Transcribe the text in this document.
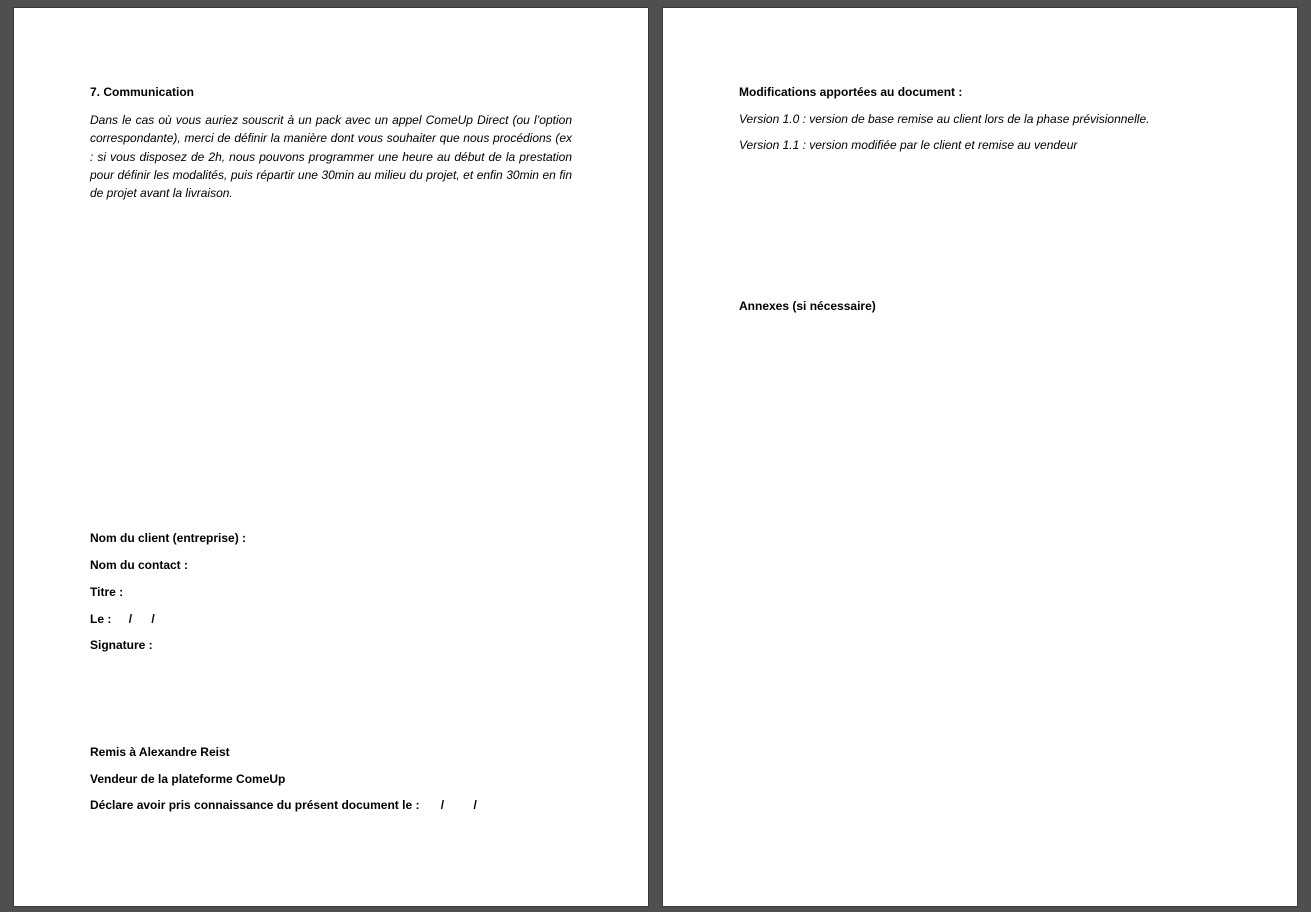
7. Communication

Dans le cas où vous auriez souscrit à un pack avec un appel ComeUp Direct (ou l’option correspondante), merci de définir la manière dont vous souhaiter que nous procédions (ex : si vous disposez de 2h, nous pouvons programmer une heure au début de la prestation pour définir les modalités, puis répartir une 30min au milieu du projet, et enfin 30min en fin de projet avant la livraison.

Nom du client (entreprise) :

Nom du contact :

Titre :

Le : / /

Signature :

Remis à Alexandre Reist

Vendeur de la plateforme ComeUp

Déclare avoir pris connaissance du présent document le : / /

Modifications apportées au document :

Version 1.0 : version de base remise au client lors de la phase prévisionnelle.

Version 1.1 : version modifiée par le client et remise au vendeur

Annexes (si nécessaire)
